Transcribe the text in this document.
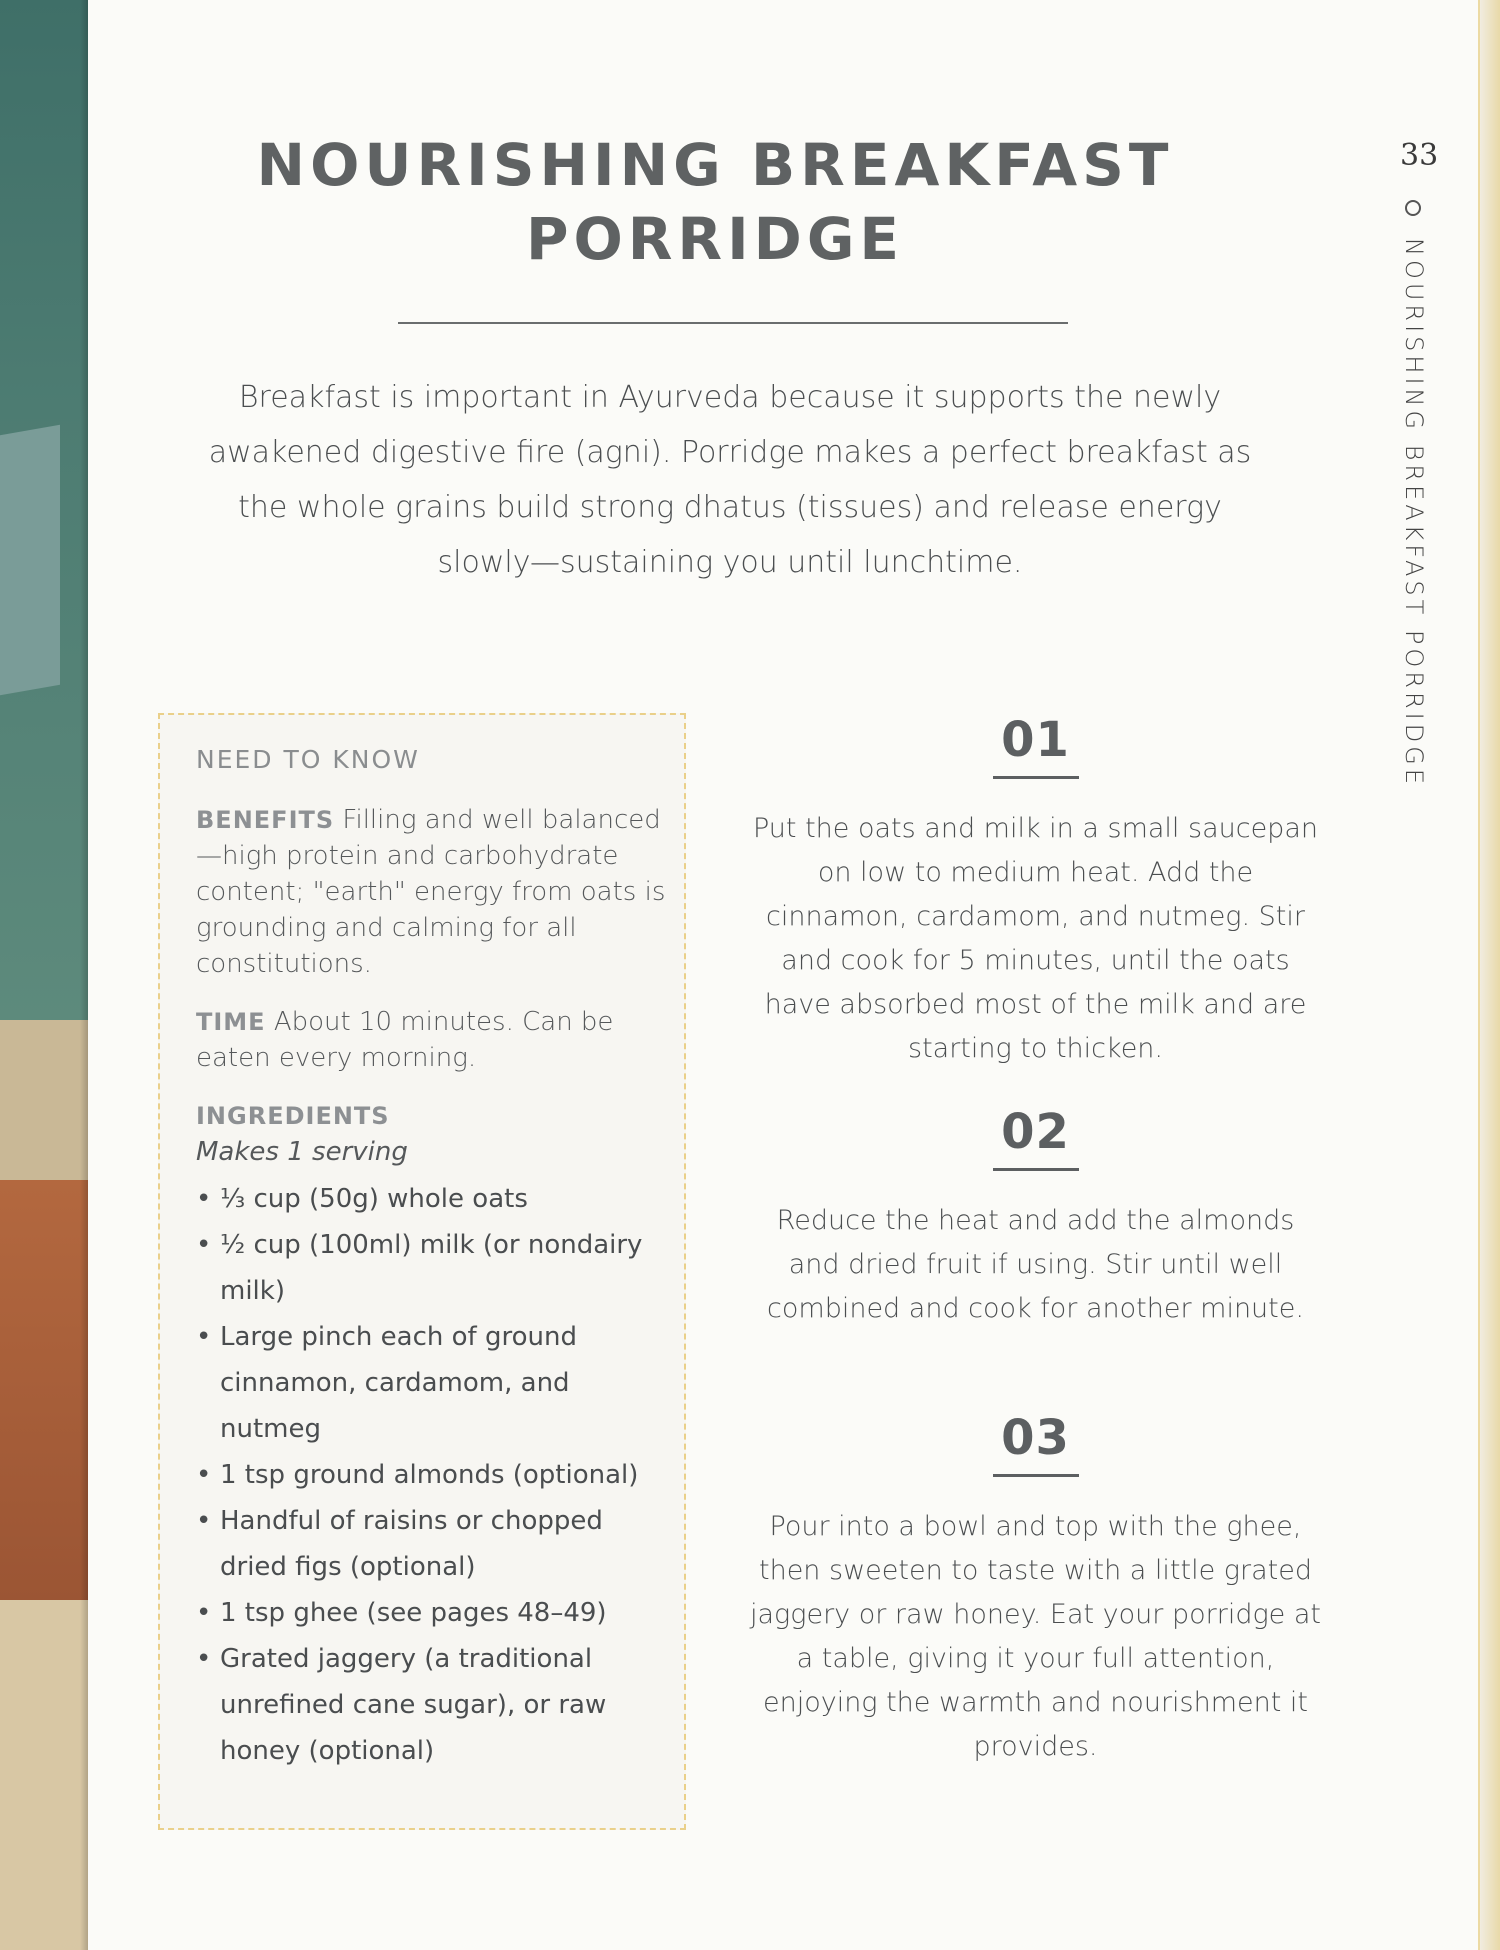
33
NOURISHING BREAKFAST PORRIDGE
NOURISHING BREAKFAST
PORRIDGE

Breakfast is important in Ayurveda because it supports the newly awakened digestive fire (agni). Porridge makes a perfect breakfast as the whole grains build strong dhatus (tissues) and release energy slowly—sustaining you until lunchtime.

NEED TO KNOW

BENEFITS Filling and well balanced—high protein and carbohydrate content; "earth" energy from oats is grounding and calming for all constitutions.

TIME About 10 minutes. Can be eaten every morning.

INGREDIENTS
Makes 1 serving
• ⅓ cup (50g) whole oats
• ½ cup (100ml) milk (or nondairy milk)
• Large pinch each of ground cinnamon, cardamom, and nutmeg
• 1 tsp ground almonds (optional)
• Handful of raisins or chopped dried figs (optional)
• 1 tsp ghee (see pages 48–49)
• Grated jaggery (a traditional unrefined cane sugar), or raw honey (optional)
01

Put the oats and milk in a small saucepan on low to medium heat. Add the cinnamon, cardamom, and nutmeg. Stir and cook for 5 minutes, until the oats have absorbed most of the milk and are starting to thicken.

02

Reduce the heat and add the almonds and dried fruit if using. Stir until well combined and cook for another minute.

03

Pour into a bowl and top with the ghee, then sweeten to taste with a little grated jaggery or raw honey. Eat your porridge at a table, giving it your full attention, enjoying the warmth and nourishment it provides.
